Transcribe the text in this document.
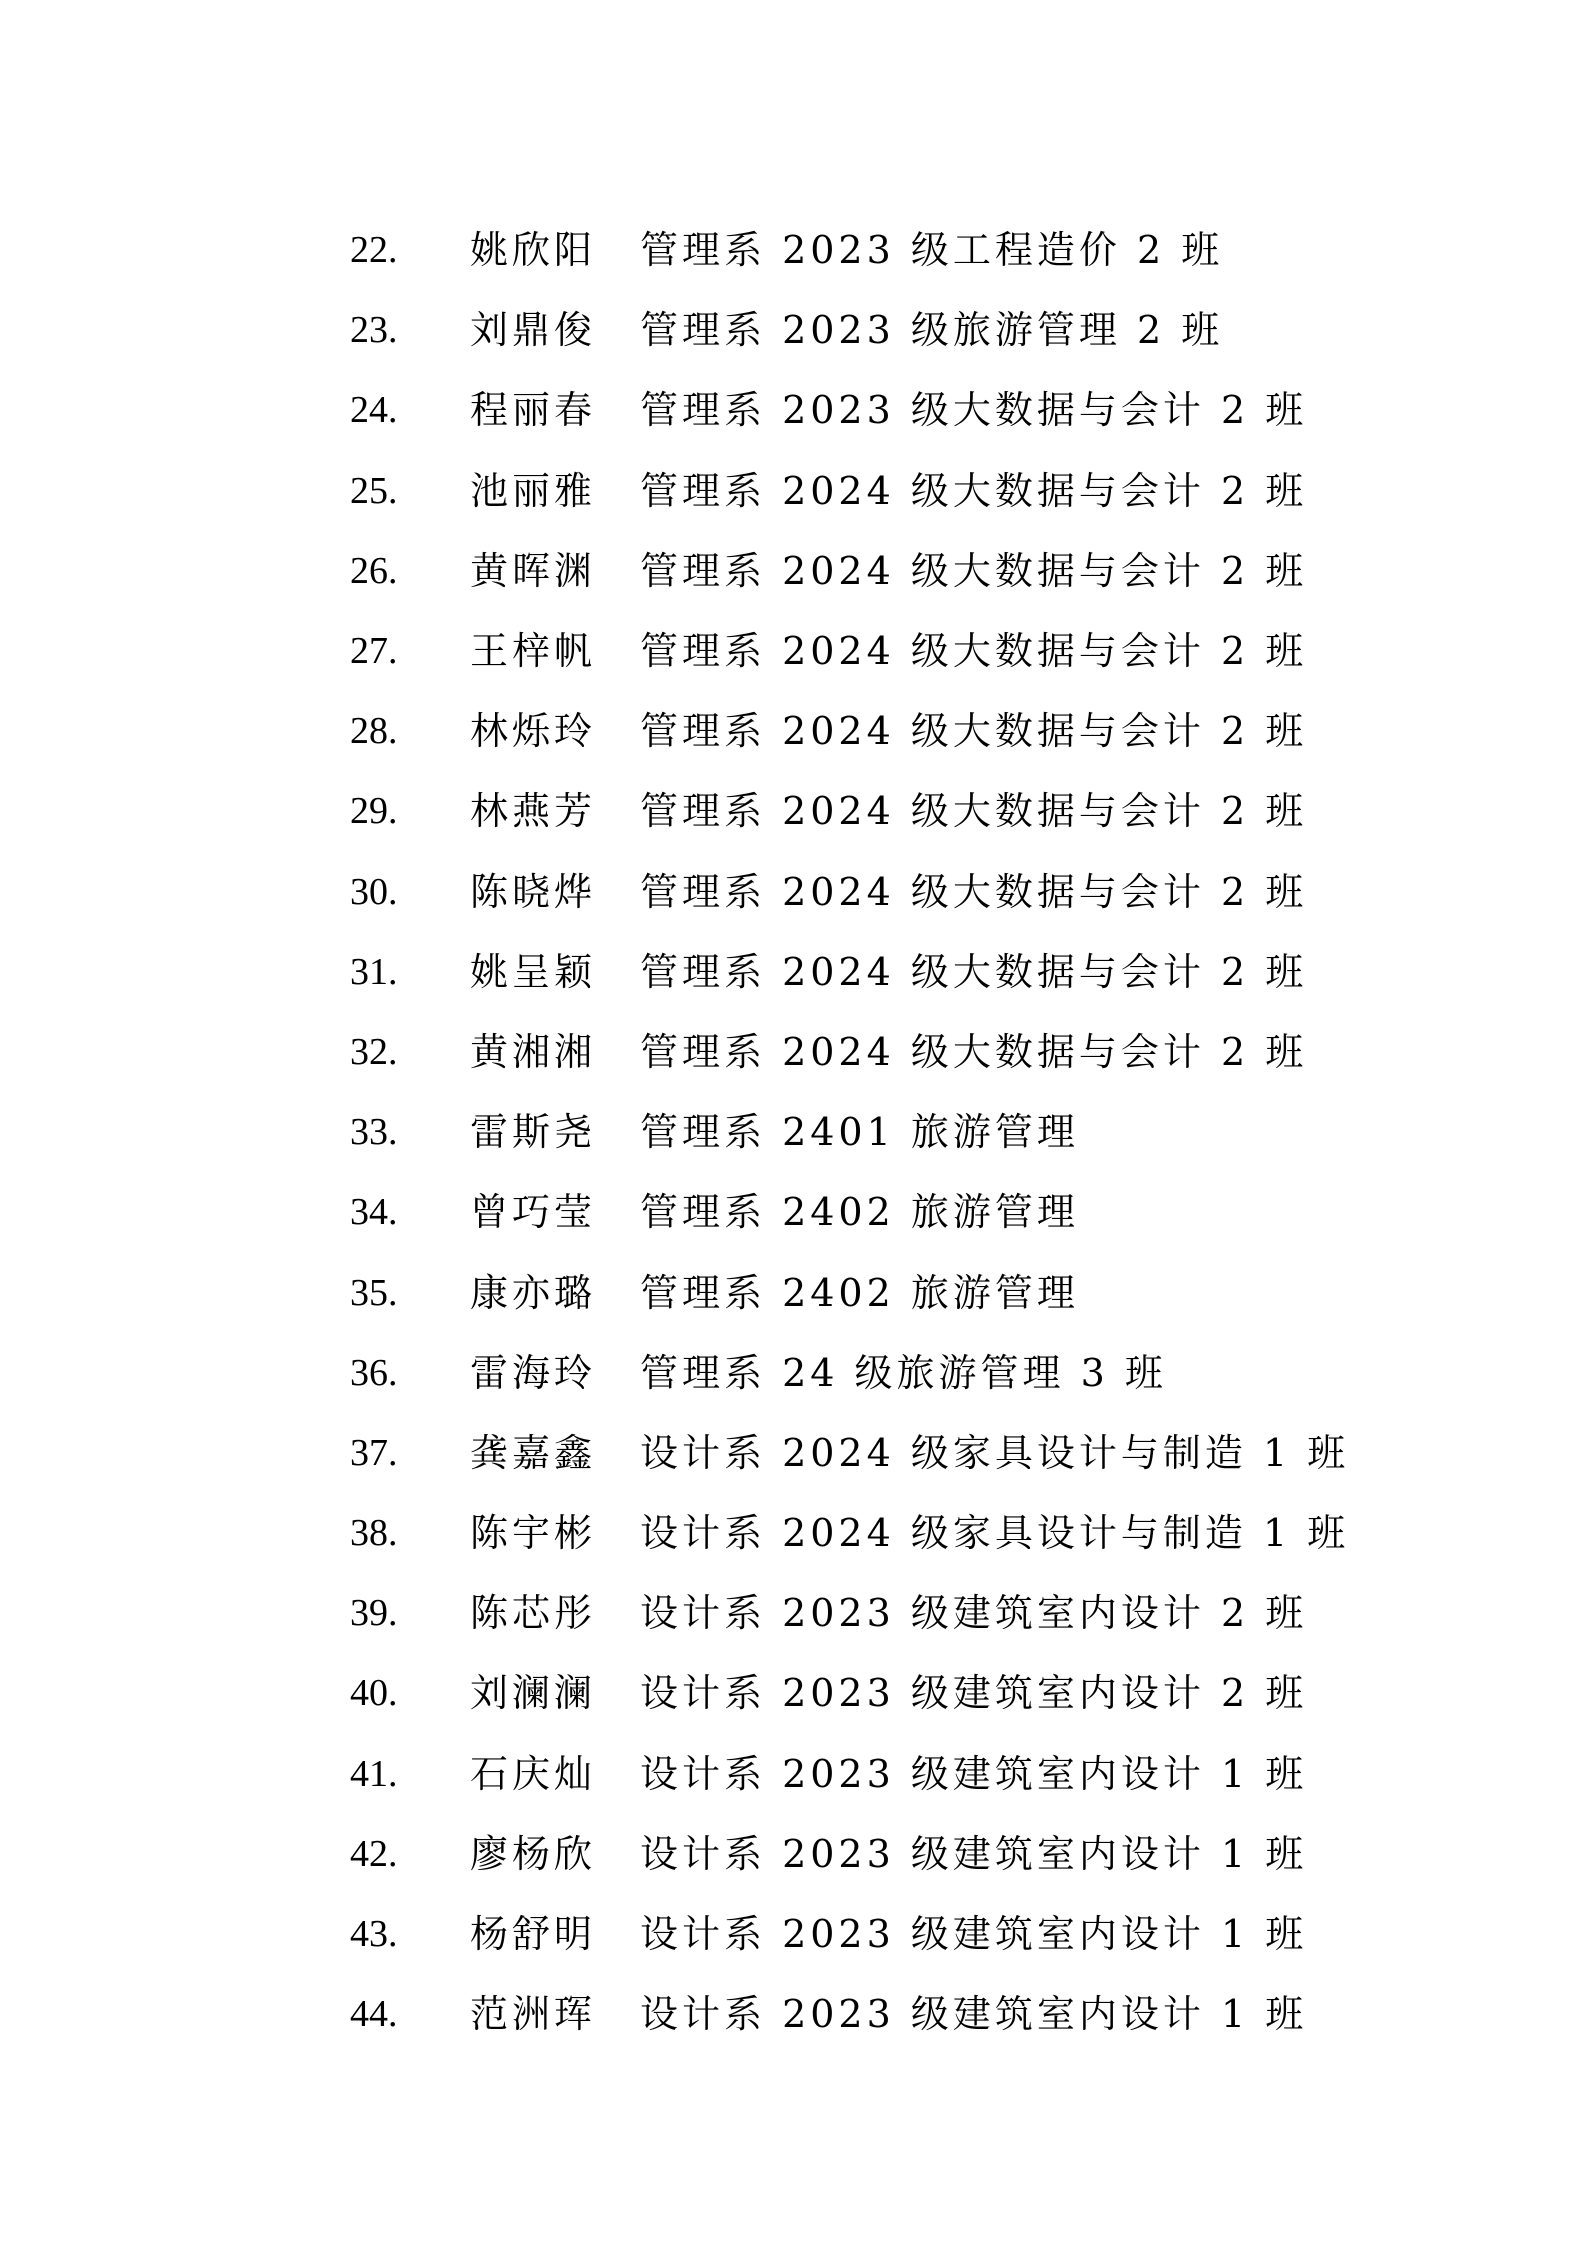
22.	姚欣阳	管理系 2023 级工程造价 2 班
23.	刘鼎俊	管理系 2023 级旅游管理 2 班
24.	程丽春	管理系 2023 级大数据与会计 2 班
25.	池丽雅	管理系 2024 级大数据与会计 2 班
26.	黄晖渊	管理系 2024 级大数据与会计 2 班
27.	王梓帆	管理系 2024 级大数据与会计 2 班
28.	林烁玲	管理系 2024 级大数据与会计 2 班
29.	林燕芳	管理系 2024 级大数据与会计 2 班
30.	陈晓烨	管理系 2024 级大数据与会计 2 班
31.	姚呈颖	管理系 2024 级大数据与会计 2 班
32.	黄湘湘	管理系 2024 级大数据与会计 2 班
33.	雷斯尧	管理系 2401 旅游管理
34.	曾巧莹	管理系 2402 旅游管理
35.	康亦璐	管理系 2402 旅游管理
36.	雷海玲	管理系 24 级旅游管理 3 班
37.	龚嘉鑫	设计系 2024 级家具设计与制造 1 班
38.	陈宇彬	设计系 2024 级家具设计与制造 1 班
39.	陈芯彤	设计系 2023 级建筑室内设计 2 班
40.	刘澜澜	设计系 2023 级建筑室内设计 2 班
41.	石庆灿	设计系 2023 级建筑室内设计 1 班
42.	廖杨欣	设计系 2023 级建筑室内设计 1 班
43.	杨舒明	设计系 2023 级建筑室内设计 1 班
44.	范洲珲	设计系 2023 级建筑室内设计 1 班
